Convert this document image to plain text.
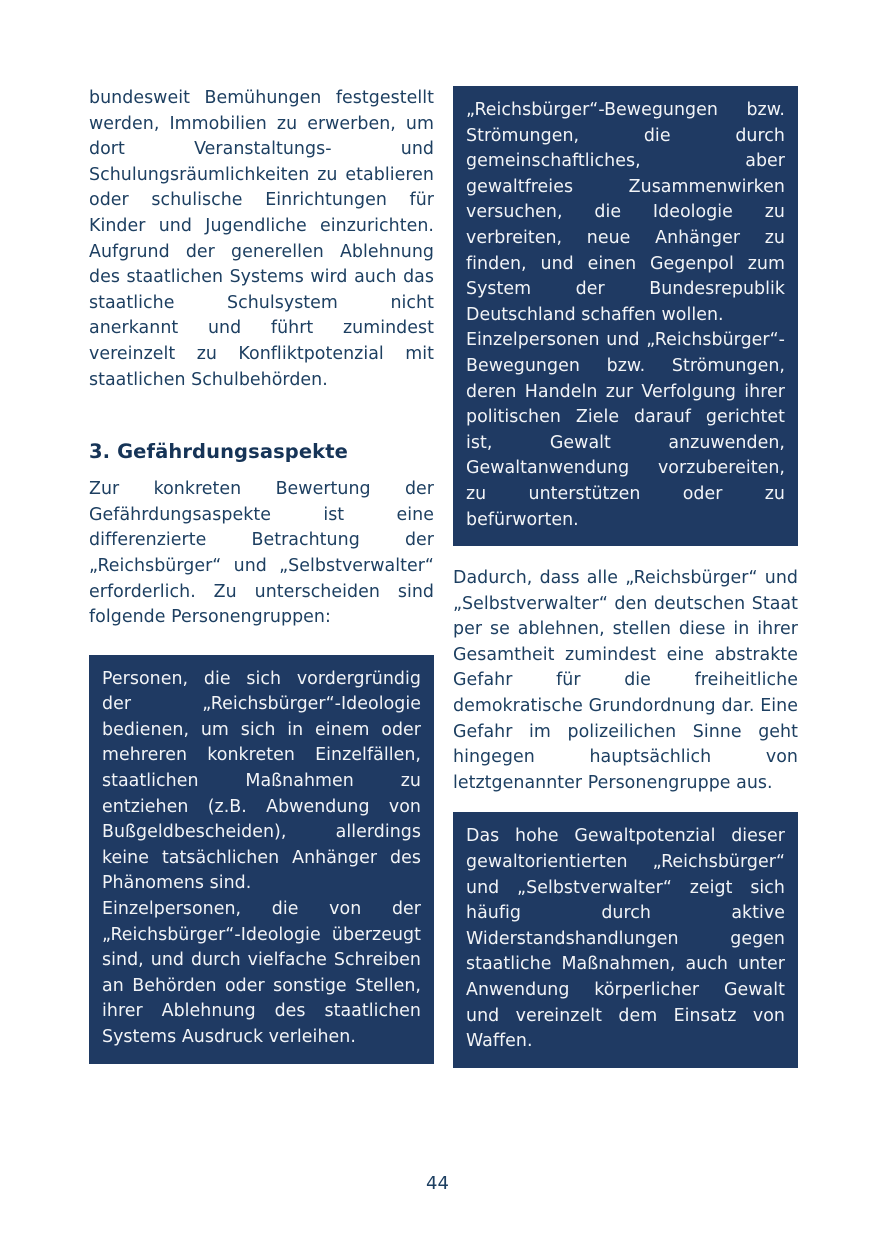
bundesweit Bemühungen festgestellt werden, Immobilien zu erwerben, um dort Veranstaltungs- und Schulungsräumlichkeiten zu etablieren oder schulische Einrichtungen für Kinder und Jugendliche einzurichten. Aufgrund der generellen Ablehnung des staatlichen Systems wird auch das staatliche Schulsystem nicht anerkannt und führt zumindest vereinzelt zu Konfliktpotenzial mit staatlichen Schulbehörden.

3. Gefährdungsaspekte

Zur konkreten Bewertung der Gefährdungsaspekte ist eine differenzierte Betrachtung der „Reichsbürger“ und „Selbstverwalter“ erforderlich. Zu unterscheiden sind folgende Personengruppen:

Personen, die sich vordergründig der „Reichsbürger“-Ideologie bedienen, um sich in einem oder mehreren konkreten Einzelfällen, staatlichen Maßnahmen zu entziehen (z.B. Abwendung von Bußgeldbescheiden), allerdings keine tatsächlichen Anhänger des Phänomens sind.

Einzelpersonen, die von der „Reichsbürger“-Ideologie überzeugt sind, und durch vielfache Schreiben an Behörden oder sonstige Stellen, ihrer Ablehnung des staatlichen Systems Ausdruck verleihen.

„Reichsbürger“-Bewegungen bzw. Strömungen, die durch gemeinschaftliches, aber gewaltfreies Zusammenwirken versuchen, die Ideologie zu verbreiten, neue Anhänger zu finden, und einen Gegenpol zum System der Bundesrepublik Deutschland schaffen wollen.

Einzelpersonen und „Reichsbürger“-Bewegungen bzw. Strömungen, deren Handeln zur Verfolgung ihrer politischen Ziele darauf gerichtet ist, Gewalt anzuwenden, Gewaltanwendung vorzubereiten, zu unterstützen oder zu befürworten.

Dadurch, dass alle „Reichsbürger“ und „Selbstverwalter“ den deutschen Staat per se ablehnen, stellen diese in ihrer Gesamtheit zumindest eine abstrakte Gefahr für die freiheitliche demokratische Grundordnung dar. Eine Gefahr im polizeilichen Sinne geht hingegen hauptsächlich von letztgenannter Personengruppe aus.

Das hohe Gewaltpotenzial dieser gewaltorientierten „Reichsbürger“ und „Selbstverwalter“ zeigt sich häufig durch aktive Widerstandshandlungen gegen staatliche Maßnahmen, auch unter Anwendung körperlicher Gewalt und vereinzelt dem Einsatz von Waffen.

44
